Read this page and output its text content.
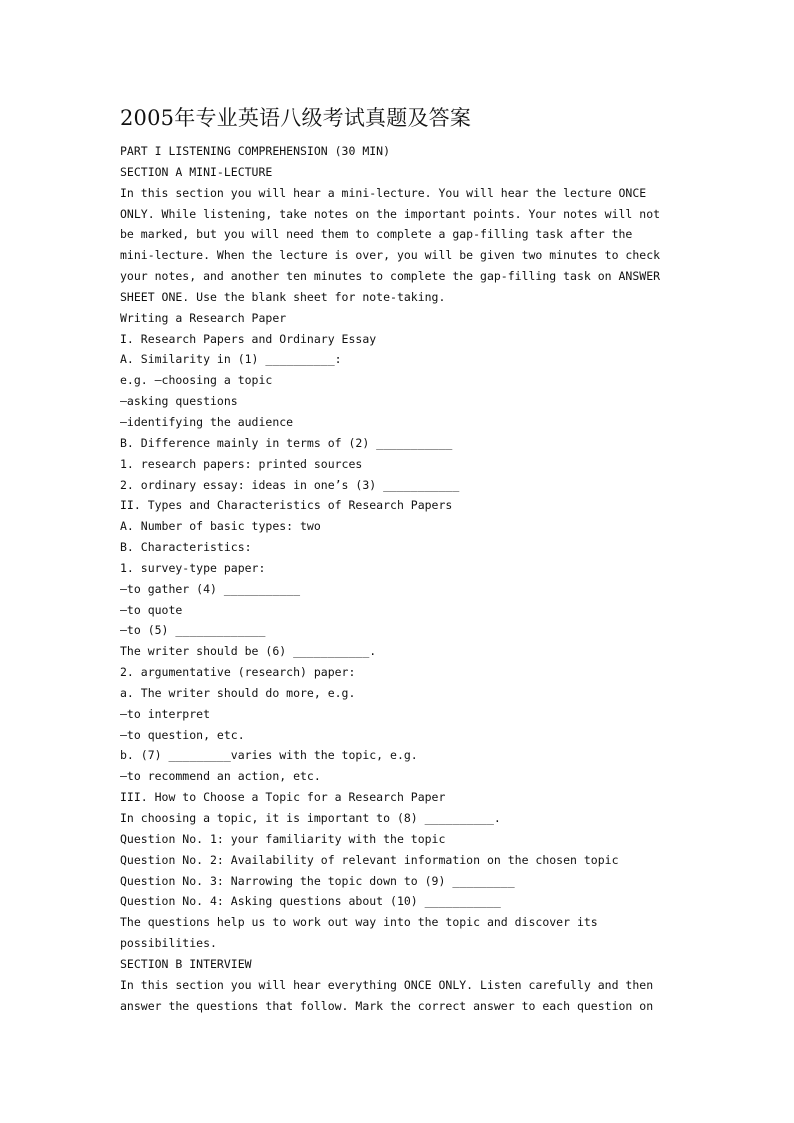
2005年专业英语八级考试真题及答案
PART I LISTENING COMPREHENSION (30 MIN)
SECTION A MINI-LECTURE
In this section you will hear a mini-lecture. You will hear the lecture ONCE
ONLY. While listening, take notes on the important points. Your notes will not
be marked, but you will need them to complete a gap-filling task after the
mini-lecture. When the lecture is over, you will be given two minutes to check
your notes, and another ten minutes to complete the gap-filling task on ANSWER
SHEET ONE. Use the blank sheet for note-taking.
Writing a Research Paper
I. Research Papers and Ordinary Essay
A. Similarity in (1) __________:
e.g. —choosing a topic
—asking questions
—identifying the audience
B. Difference mainly in terms of (2) ___________
1. research papers: printed sources
2. ordinary essay: ideas in one’s (3) ___________
II. Types and Characteristics of Research Papers
A. Number of basic types: two
B. Characteristics:
1. survey-type paper:
—to gather (4) ___________
—to quote
—to (5) _____________
The writer should be (6) ___________.
2. argumentative (research) paper:
a. The writer should do more, e.g.
—to interpret
—to question, etc.
b. (7) _________varies with the topic, e.g.
—to recommend an action, etc.
III. How to Choose a Topic for a Research Paper
In choosing a topic, it is important to (8) __________.
Question No. 1: your familiarity with the topic
Question No. 2: Availability of relevant information on the chosen topic
Question No. 3: Narrowing the topic down to (9) _________
Question No. 4: Asking questions about (10) ___________
The questions help us to work out way into the topic and discover its
possibilities.
SECTION B INTERVIEW
In this section you will hear everything ONCE ONLY. Listen carefully and then
answer the questions that follow. Mark the correct answer to each question on
